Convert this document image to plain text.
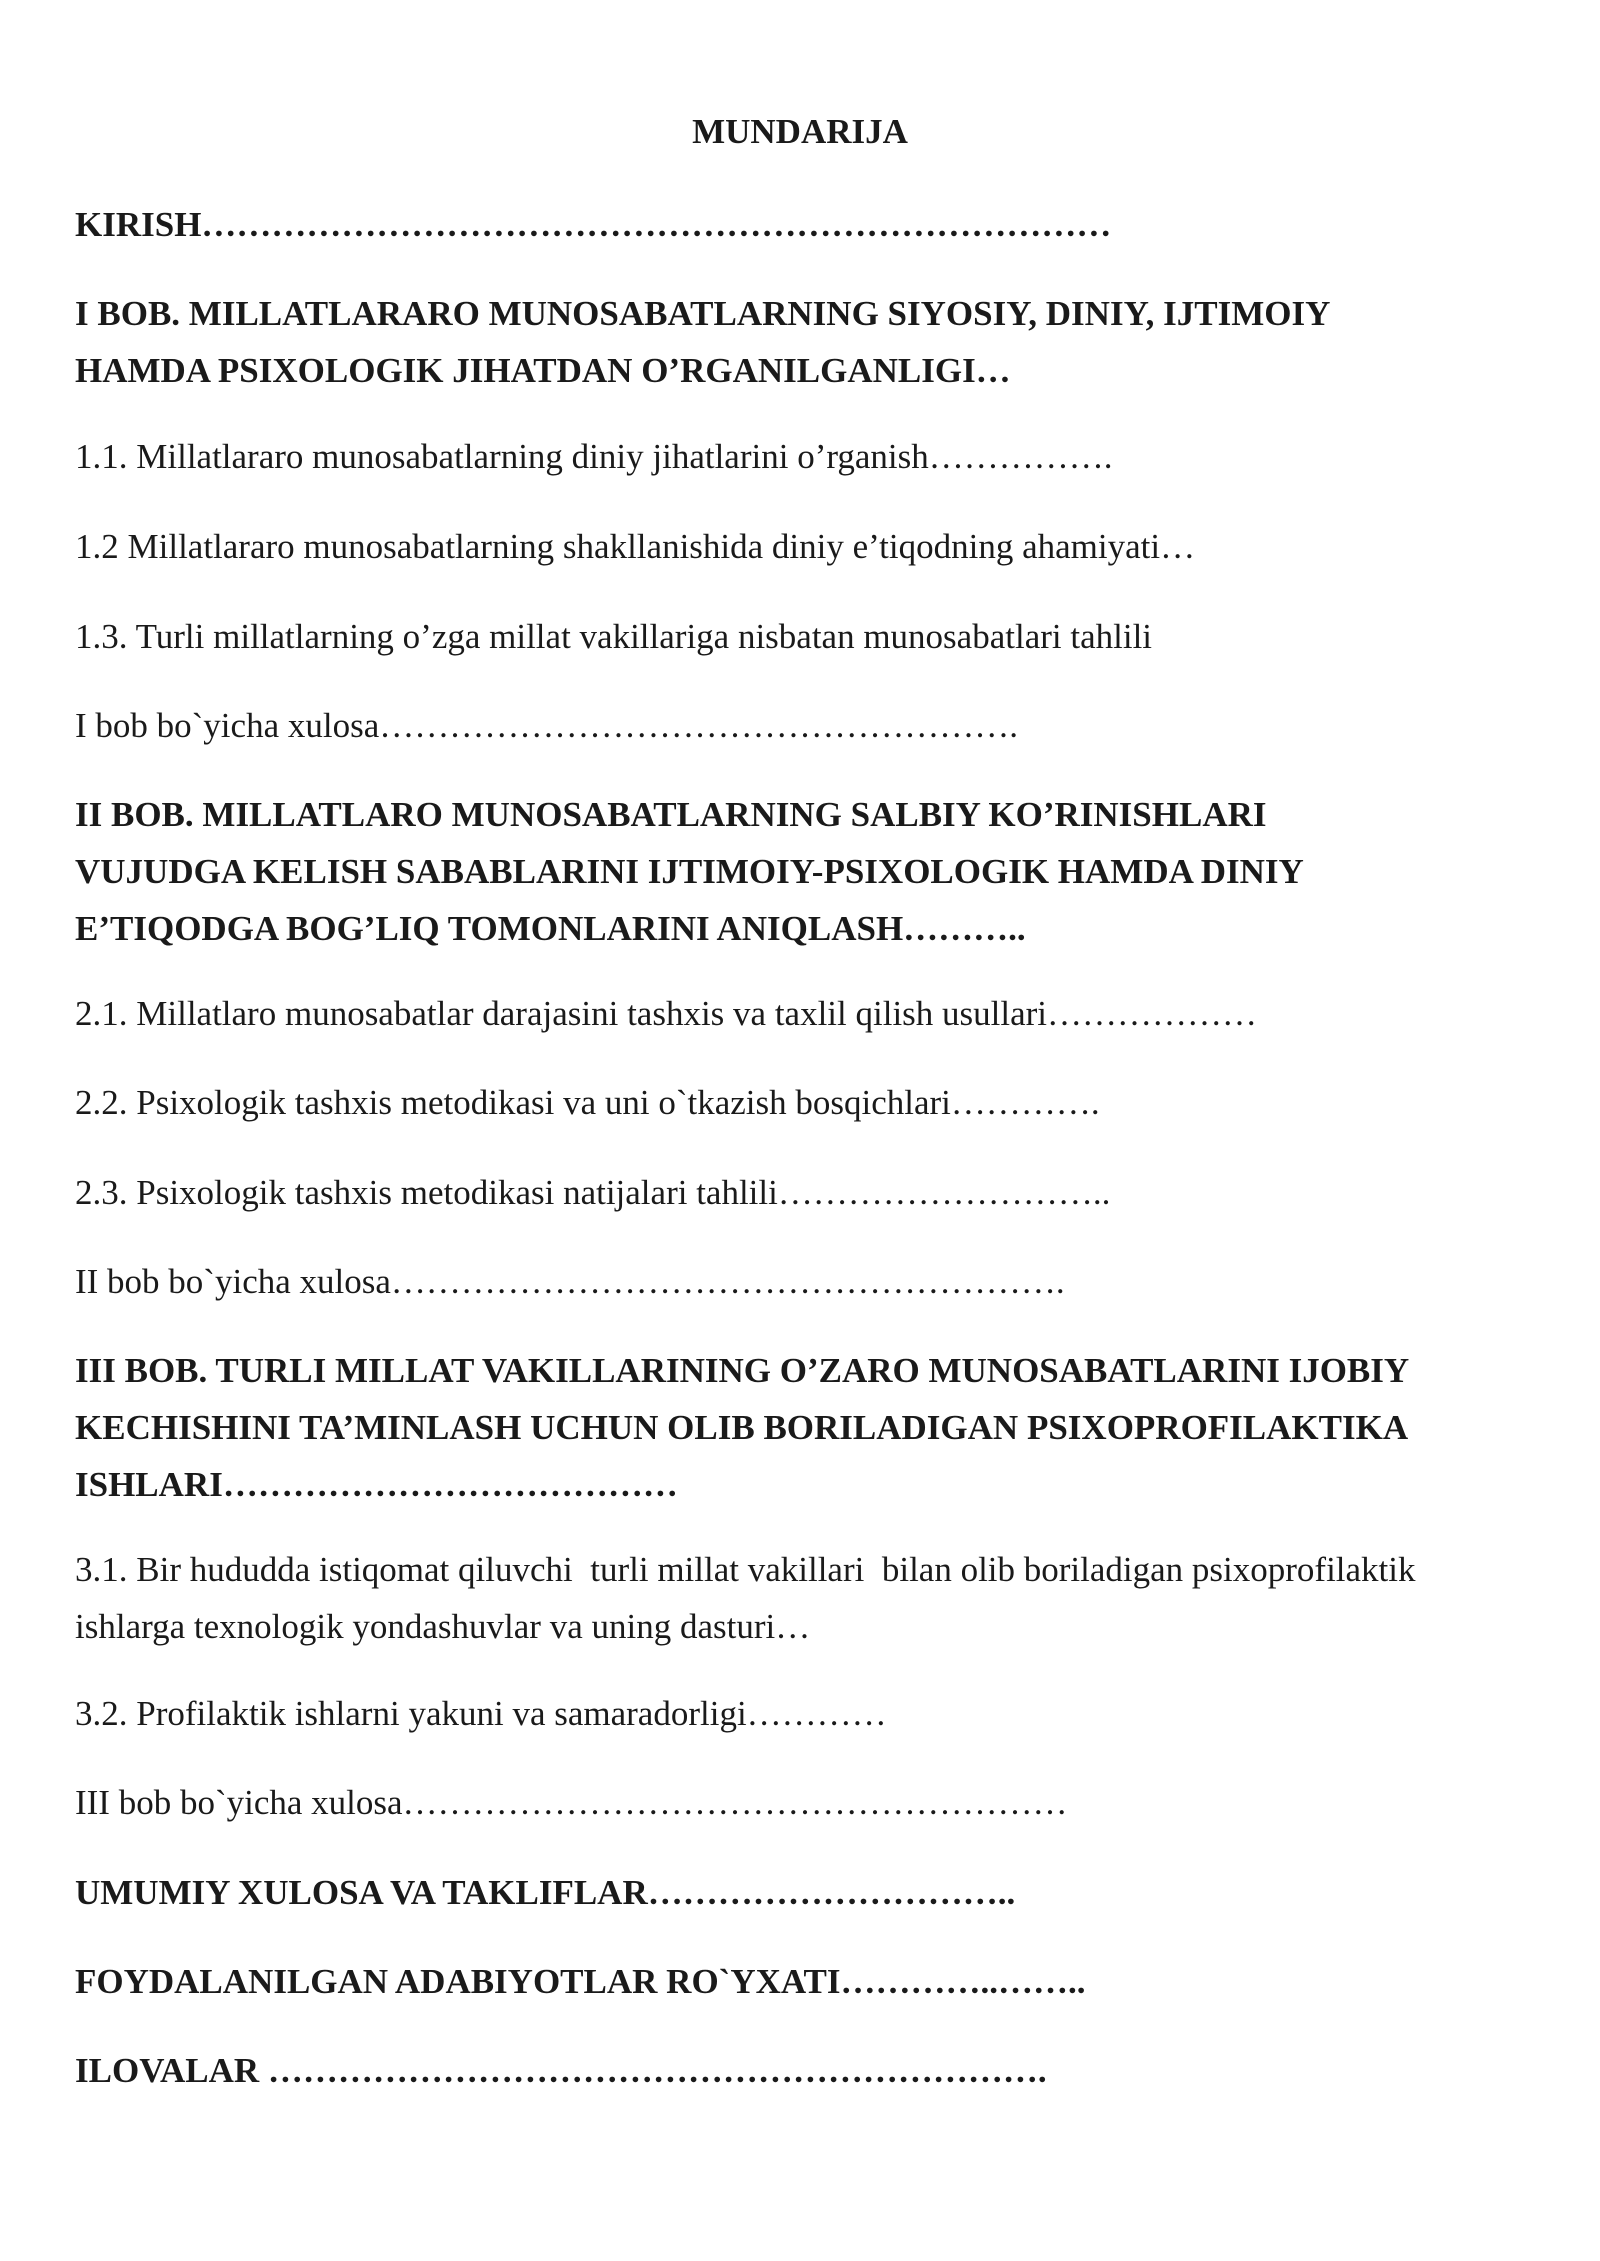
MUNDARIJA

KIRISH……………………………………………………………………

I BOB. MILLATLARARO MUNOSABATLARNING SIYOSIY, DINIY, IJTIMOIY
HAMDA PSIXOLOGIK JIHATDAN O’RGANILGANLIGI…

1.1. Millatlararo munosabatlarning diniy jihatlarini o’rganish…………….

1.2 Millatlararo munosabatlarning shakllanishida diniy e’tiqodning ahamiyati…

1.3. Turli millatlarning o’zga millat vakillariga nisbatan munosabatlari tahlili

I bob bo`yicha xulosa……………………………………………….

II BOB. MILLATLARO MUNOSABATLARNING SALBIY KO’RINISHLARI
VUJUDGA KELISH SABABLARINI IJTIMOIY-PSIXOLOGIK HAMDA DINIY
E’TIQODGA BOG’LIQ TOMONLARINI ANIQLASH………..

2.1. Millatlaro munosabatlar darajasini tashxis va taxlil qilish usullari………………

2.2. Psixologik tashxis metodikasi va uni o`tkazish bosqichlari………….

2.3. Psixologik tashxis metodikasi natijalari tahlili………………………..

II bob bo`yicha xulosa………………………………………………….

III BOB. TURLI MILLAT VAKILLARINING O’ZARO MUNOSABATLARINI IJOBIY
KECHISHINI TA’MINLASH UCHUN OLIB BORILADIGAN PSIXOPROFILAKTIKA
ISHLARI…………………………………

3.1. Bir hududda istiqomat qiluvchi  turli millat vakillari  bilan olib boriladigan psixoprofilaktik
ishlarga texnologik yondashuvlar va uning dasturi…

3.2. Profilaktik ishlarni yakuni va samaradorligi…………

III bob bo`yicha xulosa…………………………………………………

UMUMIY XULOSA VA TAKLIFLAR…………………………..

FOYDALANILGAN ADABIYOTLAR RO`YXATI…………..……..

ILOVALAR ………………………………………………………….
